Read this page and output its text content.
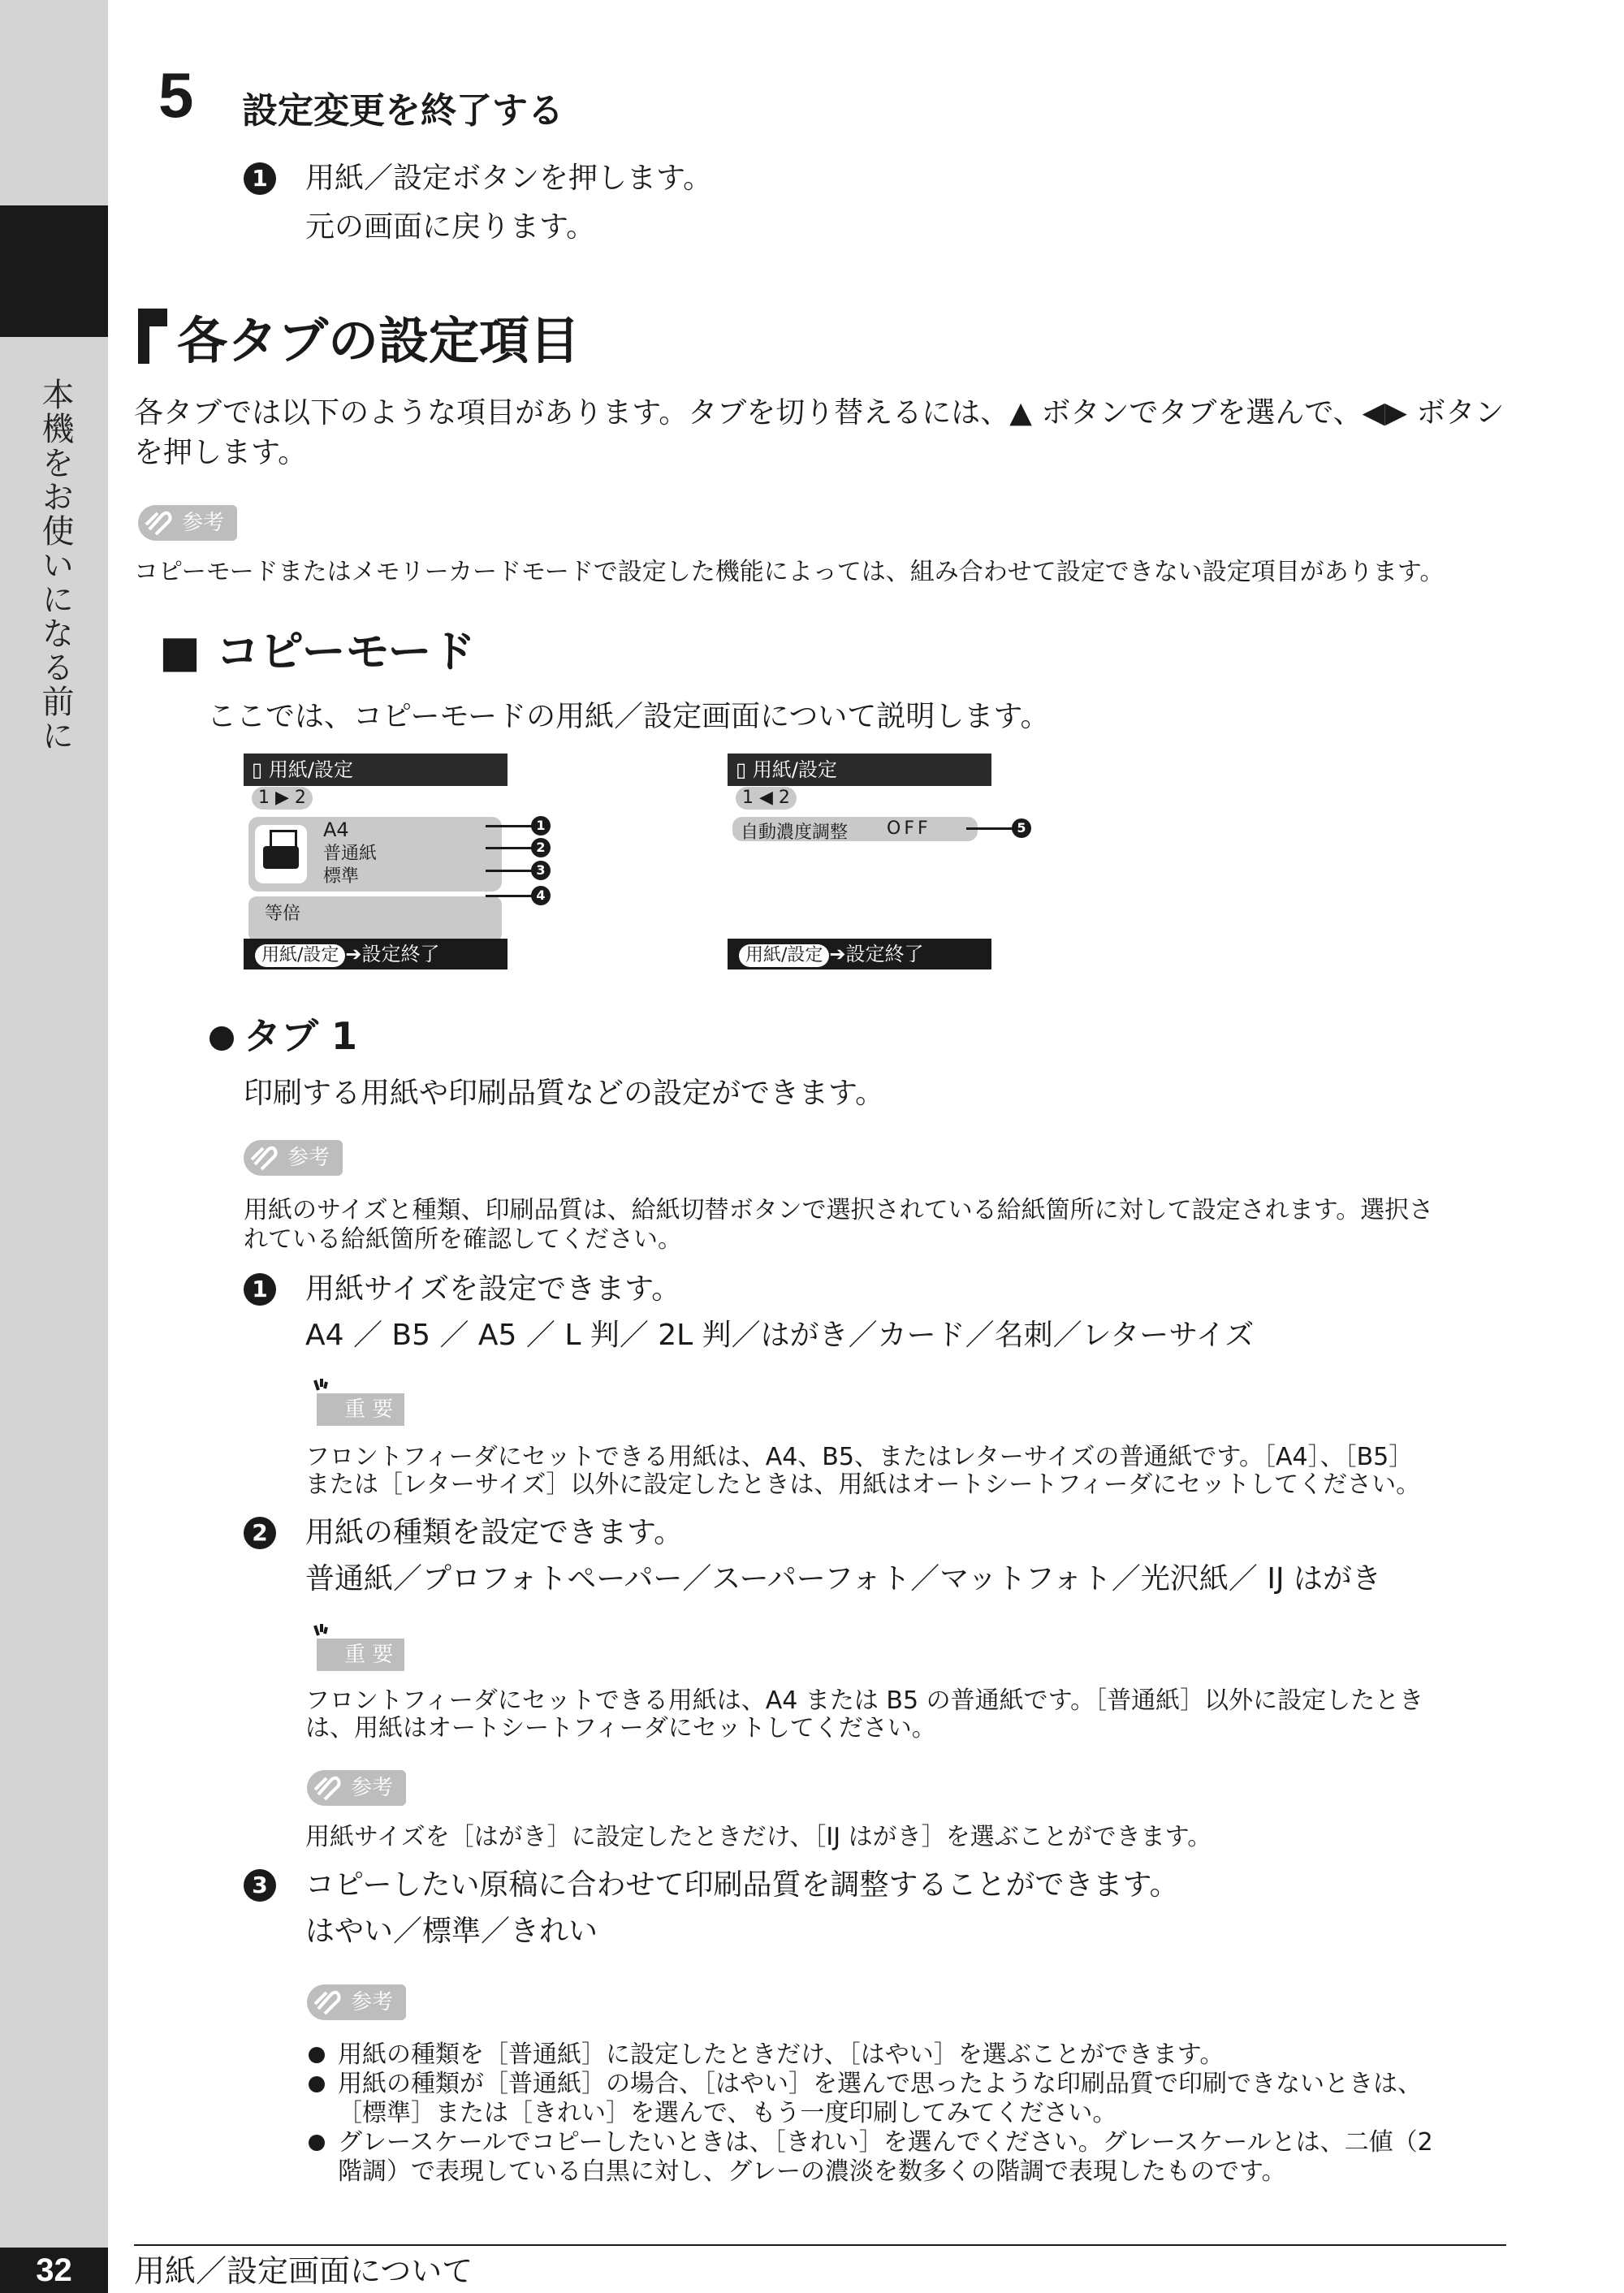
本機をお使いになる前に
5 設定変更を終了する
1 用紙／設定ボタンを押します。
元の画面に戻ります。
各タブの設定項目
各タブでは以下のような項目があります。タブを切り替えるには、▲ ボタンでタブを選んで、◀▶ ボタン
を押します。
参考
コピーモードまたはメモリーカードモードで設定した機能によっては、組み合わせて設定できない設定項目があります。
■ コピーモード
ここでは、コピーモードの用紙／設定画面について説明します。
▯ 用紙/設定
1 ▶ 2
A4
普通紙
標準
等倍
用紙/設定 ➔設定終了
1
2
3
4
▯ 用紙/設定
1 ◀ 2
自動濃度調整 OFF
用紙/設定 ➔設定終了
5
タブ 1
印刷する用紙や印刷品質などの設定ができます。
参考
用紙のサイズと種類、印刷品質は、給紙切替ボタンで選択されている給紙箇所に対して設定されます。選択さ
れている給紙箇所を確認してください。
1 用紙サイズを設定できます。
A4 ／ B5 ／ A5 ／ L 判／ 2L 判／はがき／カード／名刺／レターサイズ
重 要
フロントフィーダにセットできる用紙は、A4、B5、またはレターサイズの普通紙です。［A4］、［B5］
または［レターサイズ］以外に設定したときは、用紙はオートシートフィーダにセットしてください。
2 用紙の種類を設定できます。
普通紙／プロフォトペーパー／スーパーフォト／マットフォト／光沢紙／ IJ はがき
重 要
フロントフィーダにセットできる用紙は、A4 または B5 の普通紙です。［普通紙］以外に設定したとき
は、用紙はオートシートフィーダにセットしてください。
参考
用紙サイズを［はがき］に設定したときだけ、［IJ はがき］を選ぶことができます。
3 コピーしたい原稿に合わせて印刷品質を調整することができます。
はやい／標準／きれい
参考
用紙の種類を［普通紙］に設定したときだけ、［はやい］を選ぶことができます。
用紙の種類が［普通紙］の場合、［はやい］を選んで思ったような印刷品質で印刷できないときは、
［標準］または［きれい］を選んで、もう一度印刷してみてください。
グレースケールでコピーしたいときは、［きれい］を選んでください。グレースケールとは、二値（2
階調）で表現している白黒に対し、グレーの濃淡を数多くの階調で表現したものです。
32	用紙／設定画面について
